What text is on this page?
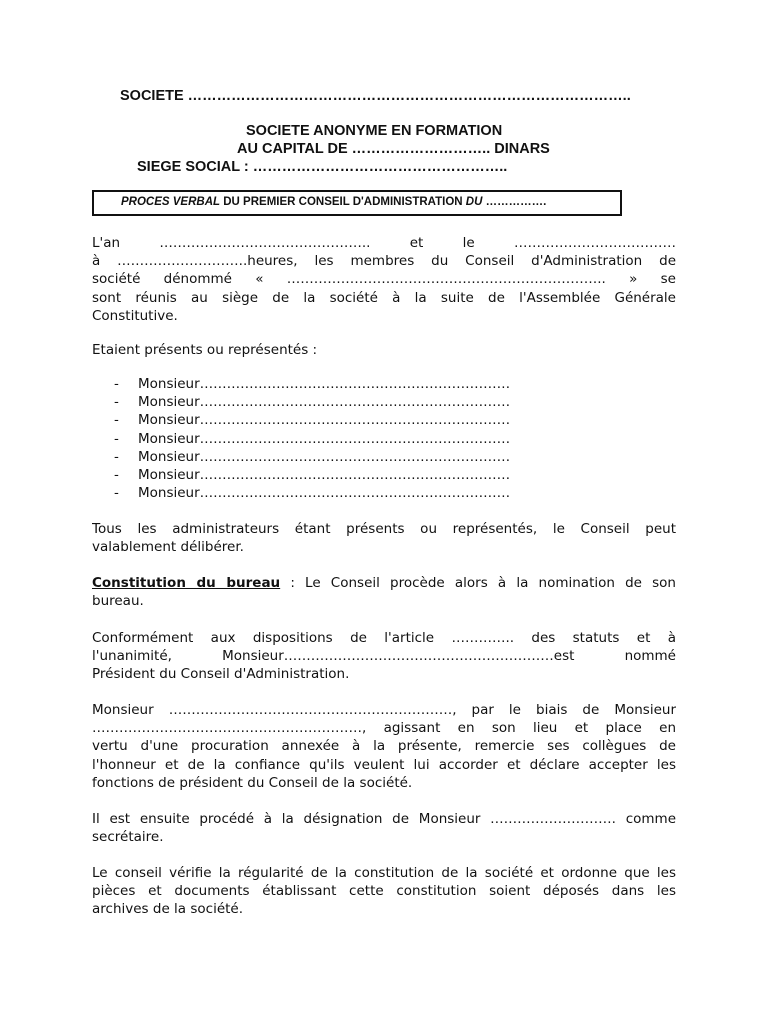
SOCIETE ………………………………………………………………………………..
SOCIETE ANONYME EN FORMATION
AU CAPITAL DE ……………………….. DINARS
SIEGE SOCIAL : ……………………………………………..
PROCES VERBAL DU PREMIER CONSEIL D'ADMINISTRATION DU …………….
L'an	………………………………………..	et	le	………………………………
à ………………………..heures, les membres du Conseil d'Administration de
société dénommé « …………………………………………………………….. » se
sont réunis au siège de la société à la suite de l'Assemblée Générale
Constitutive.
Etaient présents ou représentés :
- Monsieur……………………………………………………………
- Monsieur……………………………………………………………
- Monsieur……………………………………………………………
- Monsieur……………………………………………………………
- Monsieur……………………………………………………………
- Monsieur……………………………………………………………
- Monsieur……………………………………………………………
Tous les administrateurs étant présents ou représentés, le Conseil peut
valablement délibérer.
Constitution du bureau : Le Conseil procède alors à la nomination de son
bureau.
Conformément aux dispositions de l'article ………….. des statuts et à
l'unanimité, Monsieur……………………………………………………est nommé
Président du Conseil d'Administration.
Monsieur ………………………………………………………, par le biais de Monsieur
……………………………………………………, agissant en son lieu et place en
vertu d'une procuration annexée à la présente, remercie ses collègues de
l'honneur et de la confiance qu'ils veulent lui accorder et déclare accepter les
fonctions de président du Conseil de la société.
Il est ensuite procédé à la désignation de Monsieur ………………………. comme
secrétaire.
Le conseil vérifie la régularité de la constitution de la société et ordonne que les
pièces et documents établissant cette constitution soient déposés dans les
archives de la société.
